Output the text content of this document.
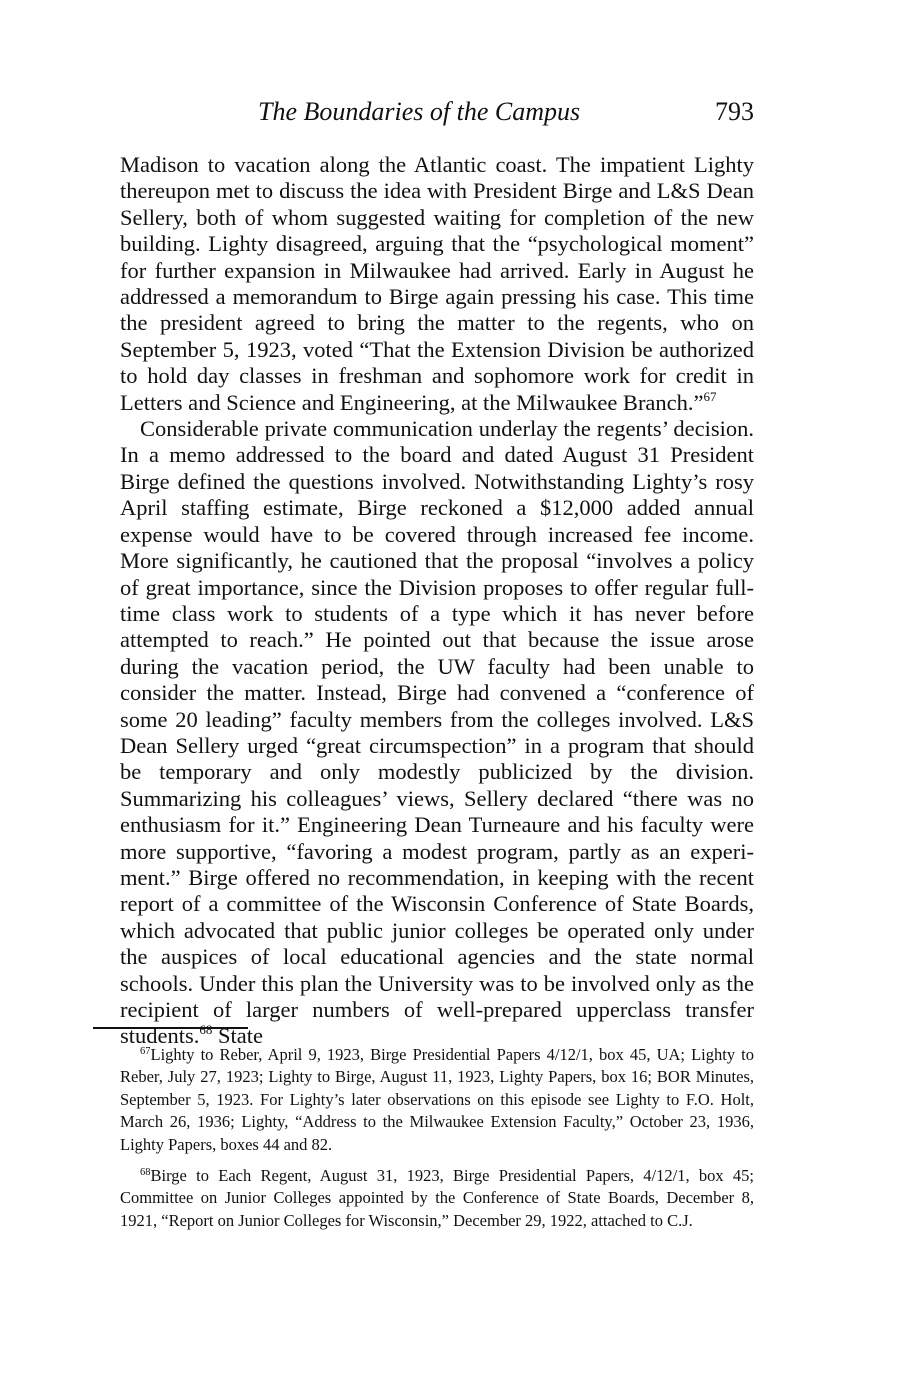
The Boundaries of the Campus	793

Madison to vacation along the Atlantic coast. The impatient Lighty thereupon met to discuss the idea with President Birge and L&S Dean Sellery, both of whom suggested waiting for completion of the new building. Lighty disagreed, arguing that the “psychological moment” for further expansion in Milwaukee had arrived. Early in August he addressed a memorandum to Birge again pressing his case. This time the president agreed to bring the matter to the regents, who on September 5, 1923, voted “That the Extension Division be authorized to hold day classes in freshman and sophomore work for credit in Letters and Science and Engineering, at the Milwaukee Branch.”$^{67}$

Considerable private communication underlay the regents’ decision. In a memo addressed to the board and dated August 31 President Birge defined the questions involved. Notwithstanding Lighty’s rosy April staffing estimate, Birge reckoned a $12,000 added annual expense would have to be covered through increased fee income. More significantly, he cautioned that the proposal “involves a policy of great importance, since the Division proposes to offer regular full-time class work to students of a type which it has never before attempted to reach.” He pointed out that because the issue arose during the vacation period, the UW faculty had been unable to consider the matter. Instead, Birge had convened a “conference of some 20 leading” faculty members from the colleges involved. L&S Dean Sellery urged “great circumspection” in a program that should be temporary and only modestly publicized by the division. Summarizing his colleagues’ views, Sellery declared “there was no enthusiasm for it.” Engineering Dean Turneaure and his faculty were more supportive, “favoring a modest program, partly as an experiment.” Birge offered no recommendation, in keeping with the recent report of a committee of the Wisconsin Conference of State Boards, which advocated that public junior colleges be operated only under the auspices of local educational agencies and the state normal schools. Under this plan the University was to be involved only as the recipient of larger numbers of well-prepared upperclass transfer students.$^{68}$ State

$^{67}$Lighty to Reber, April 9, 1923, Birge Presidential Papers 4/12/1, box 45, UA; Lighty to Reber, July 27, 1923; Lighty to Birge, August 11, 1923, Lighty Papers, box 16; BOR Minutes, September 5, 1923. For Lighty’s later observations on this episode see Lighty to F.O. Holt, March 26, 1936; Lighty, “Address to the Milwaukee Extension Faculty,” October 23, 1936, Lighty Papers, boxes 44 and 82.

$^{68}$Birge to Each Regent, August 31, 1923, Birge Presidential Papers, 4/12/1, box 45; Committee on Junior Colleges appointed by the Conference of State Boards, December 8, 1921, “Report on Junior Colleges for Wisconsin,” December 29, 1922, attached to C.J.
